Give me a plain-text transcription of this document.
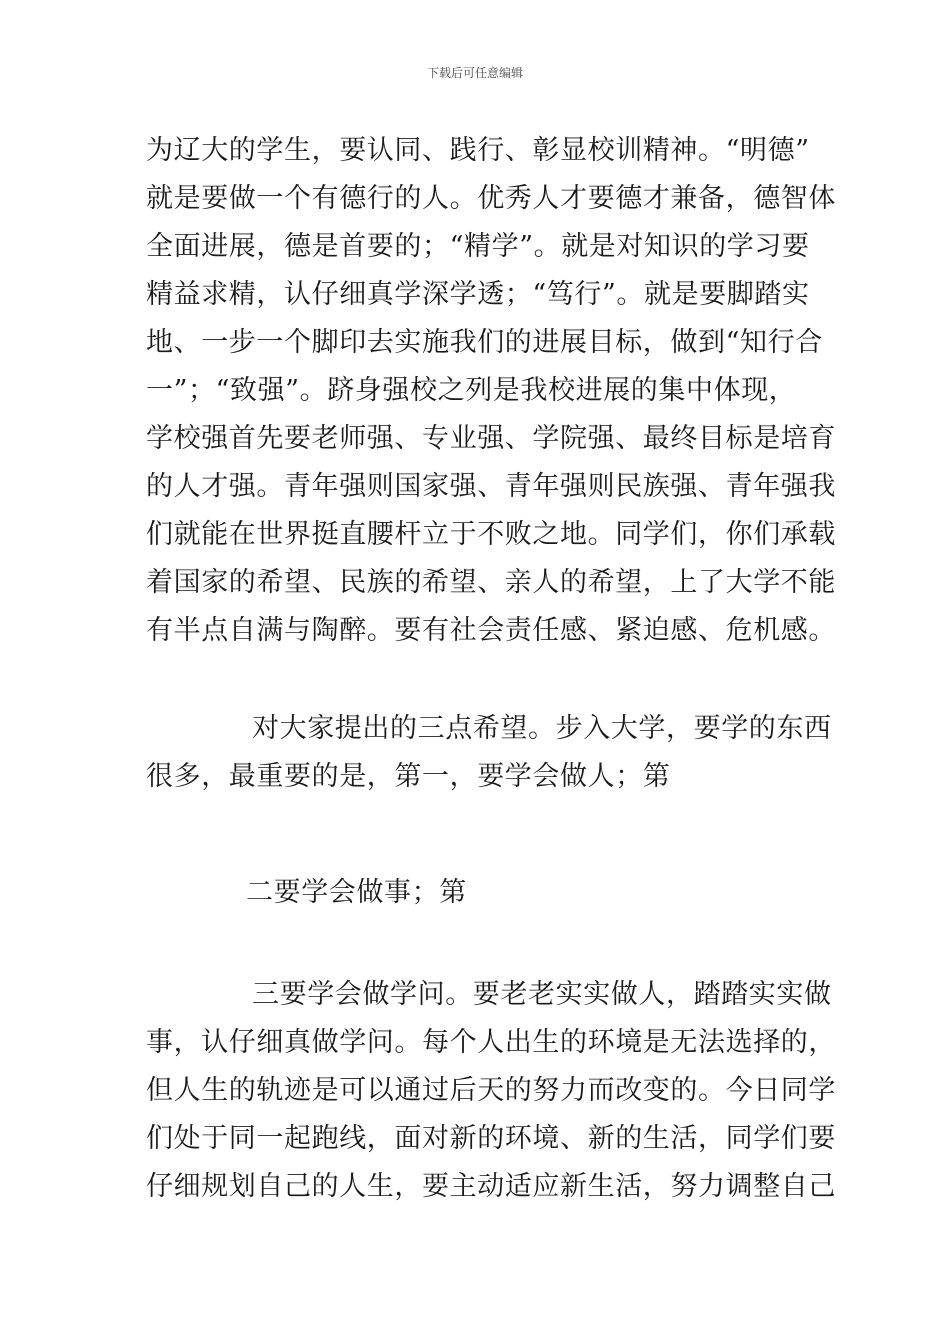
下载后可任意编辑
为辽大的学生，要认同、践行、彰显校训精神。“明德”
就是要做一个有德行的人。优秀人才要德才兼备，德智体
全面进展，德是首要的；“精学”。就是对知识的学习要
精益求精，认仔细真学深学透；“笃行”。就是要脚踏实
地、一步一个脚印去实施我们的进展目标，做到“知行合
一”；“致强”。跻身强校之列是我校进展的集中体现，
学校强首先要老师强、专业强、学院强、最终目标是培育
的人才强。青年强则国家强、青年强则民族强、青年强我
们就能在世界挺直腰杆立于不败之地。同学们，你们承载
着国家的希望、民族的希望、亲人的希望，上了大学不能
有半点自满与陶醉。要有社会责任感、紧迫感、危机感。
对大家提出的三点希望。步入大学，要学的东西
很多，最重要的是，第一，要学会做人；第
二要学会做事；第
三要学会做学问。要老老实实做人，踏踏实实做
事，认仔细真做学问。每个人出生的环境是无法选择的，
但人生的轨迹是可以通过后天的努力而改变的。今日同学
们处于同一起跑线，面对新的环境、新的生活，同学们要
仔细规划自己的人生，要主动适应新生活，努力调整自己
